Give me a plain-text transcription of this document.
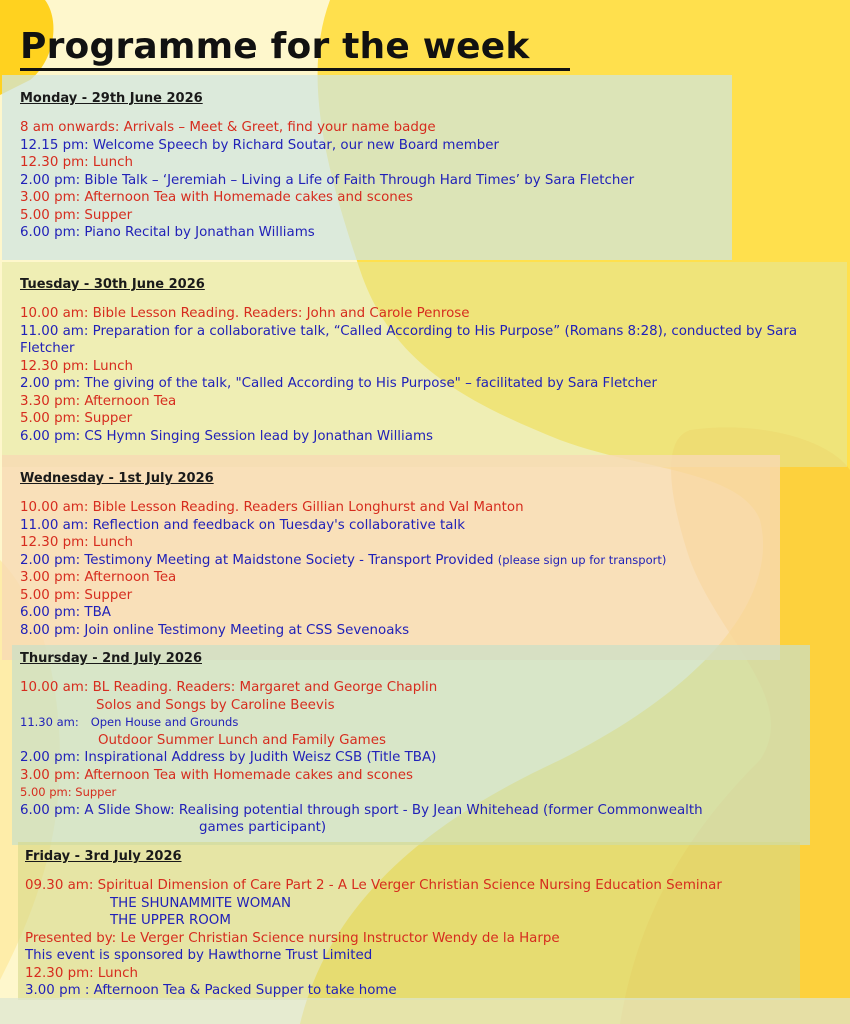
Programme for the week
Monday - 29th June 2026
8 am onwards: Arrivals – Meet & Greet, find your name badge
12.15 pm: Welcome Speech by Richard Soutar, our new Board member
12.30 pm: Lunch
2.00 pm: Bible Talk – ‘Jeremiah – Living a Life of Faith Through Hard Times’ by Sara Fletcher
3.00 pm: Afternoon Tea with Homemade cakes and scones
5.00 pm: Supper
6.00 pm: Piano Recital by Jonathan Williams
Tuesday - 30th June 2026
10.00 am: Bible Lesson Reading. Readers: John and Carole Penrose
11.00 am: Preparation for a collaborative talk, “Called According to His Purpose” (Romans 8:28), conducted by Sara Fletcher
12.30 pm: Lunch
2.00 pm: The giving of the talk, "Called According to His Purpose" – facilitated by Sara Fletcher
3.30 pm: Afternoon Tea
5.00 pm: Supper
6.00 pm: CS Hymn Singing Session lead by Jonathan Williams
Wednesday - 1st July 2026
10.00 am: Bible Lesson Reading. Readers Gillian Longhurst and Val Manton
11.00 am: Reflection and feedback on Tuesday's collaborative talk
12.30 pm: Lunch
2.00 pm: Testimony Meeting at Maidstone Society - Transport Provided (please sign up for transport)
3.00 pm: Afternoon Tea
5.00 pm: Supper
6.00 pm: TBA
8.00 pm: Join online Testimony Meeting at CSS Sevenoaks
Thursday - 2nd July 2026
10.00 am: BL Reading. Readers: Margaret and George Chaplin
Solos and Songs by Caroline Beevis
11.30 am: Open House and Grounds
Outdoor Summer Lunch and Family Games
2.00 pm: Inspirational Address by Judith Weisz CSB (Title TBA)
3.00 pm: Afternoon Tea with Homemade cakes and scones
5.00 pm: Supper
6.00 pm: A Slide Show: Realising potential through sport - By Jean Whitehead (former Commonwealth
games participant)
Friday - 3rd July 2026
09.30 am: Spiritual Dimension of Care Part 2 - A Le Verger Christian Science Nursing Education Seminar
THE SHUNAMMITE WOMAN
THE UPPER ROOM
Presented by: Le Verger Christian Science nursing Instructor Wendy de la Harpe
This event is sponsored by Hawthorne Trust Limited
12.30 pm: Lunch
3.00 pm : Afternoon Tea & Packed Supper to take home
